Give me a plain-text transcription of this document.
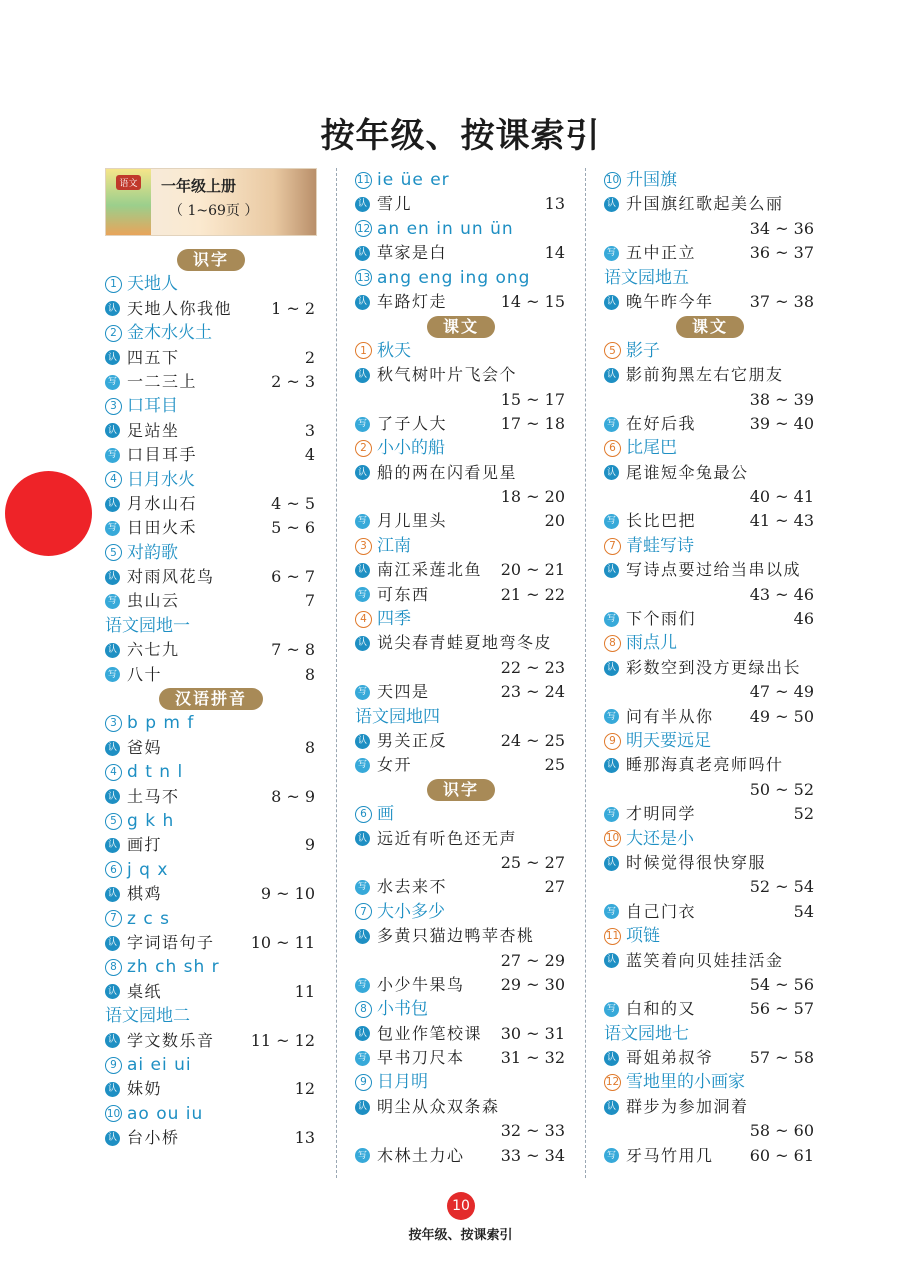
按年级、按课索引
语文 一年级上册
（ 1~69页 ）
识字
1 天地人
认 天地人你我他 1 ~ 2
2 金木水火土
认 四五下	2
写 一二三上	2 ~ 3
3 口耳目
认 足站坐	3
写 口目耳手	4
4 日月水火
认 月水山石	4 ~ 5
写 日田火禾	5 ~ 6
5 对韵歌
认 对雨风花鸟	6 ~ 7
写 虫山云	7
语文园地一
认 六七九	7 ~ 8
写 八十	8
汉语拼音
3 b p m f
认 爸妈	8
4 d t n l
认 土马不	8 ~ 9
5 g k h
认 画打	9
6 j q x
认 棋鸡	9 ~ 10
7 z c s
认 字词语句子 10 ~ 11
8 zh ch sh r
认 桌纸	11
语文园地二
认 学文数乐音 11 ~ 12
9 ai ei ui
认 妹奶	12
10 ao ou iu
认 台小桥	13
11 ie üe er
认 雪儿	13
12 an en in un ün
认 草家是白	14
13 ang eng ing ong
认 车路灯走	14 ~ 15
课文
1 秋天
认 秋气树叶片飞会个
15 ~ 17
写 了子人大	17 ~ 18
2 小小的船
认 船的两在闪看见星
18 ~ 20
写 月儿里头	20
3 江南
认 南江采莲北鱼 20 ~ 21
写 可东西	21 ~ 22
4 四季
认 说尖春青蛙夏地弯冬皮
22 ~ 23
写 天四是	23 ~ 24
语文园地四
认 男关正反	24 ~ 25
写 女开	25
识字
6 画
认 远近有听色还无声
25 ~ 27
写 水去来不	27
7 大小多少
认 多黄只猫边鸭苹杏桃
27 ~ 29
写 小少牛果鸟 29 ~ 30
8 小书包
认 包业作笔校课 30 ~ 31
写 早书刀尺本 31 ~ 32
9 日月明
认 明尘从众双条森
32 ~ 33
写 木林土力心 33 ~ 34
10 升国旗
认 升国旗红歌起美么丽
34 ~ 36
写 五中正立	36 ~ 37
语文园地五
认 晚午昨今年 37 ~ 38
课文
5 影子
认 影前狗黑左右它朋友
38 ~ 39
写 在好后我	39 ~ 40
6 比尾巴
认 尾谁短伞兔最公
40 ~ 41
写 长比巴把	41 ~ 43
7 青蛙写诗
认 写诗点要过给当串以成
43 ~ 46
写 下个雨们	46
8 雨点儿
认 彩数空到没方更绿出长
47 ~ 49
写 问有半从你 49 ~ 50
9 明天要远足
认 睡那海真老亮师吗什
50 ~ 52
写 才明同学	52
10 大还是小
认 时候觉得很快穿服
52 ~ 54
写 自己门衣	54
11 项链
认 蓝笑着向贝娃挂活金
54 ~ 56
写 白和的又	56 ~ 57
语文园地七
认 哥姐弟叔爷 57 ~ 58
12 雪地里的小画家
认 群步为参加洞着
58 ~ 60
写 牙马竹用几 60 ~ 61
10
按年级、按课索引
